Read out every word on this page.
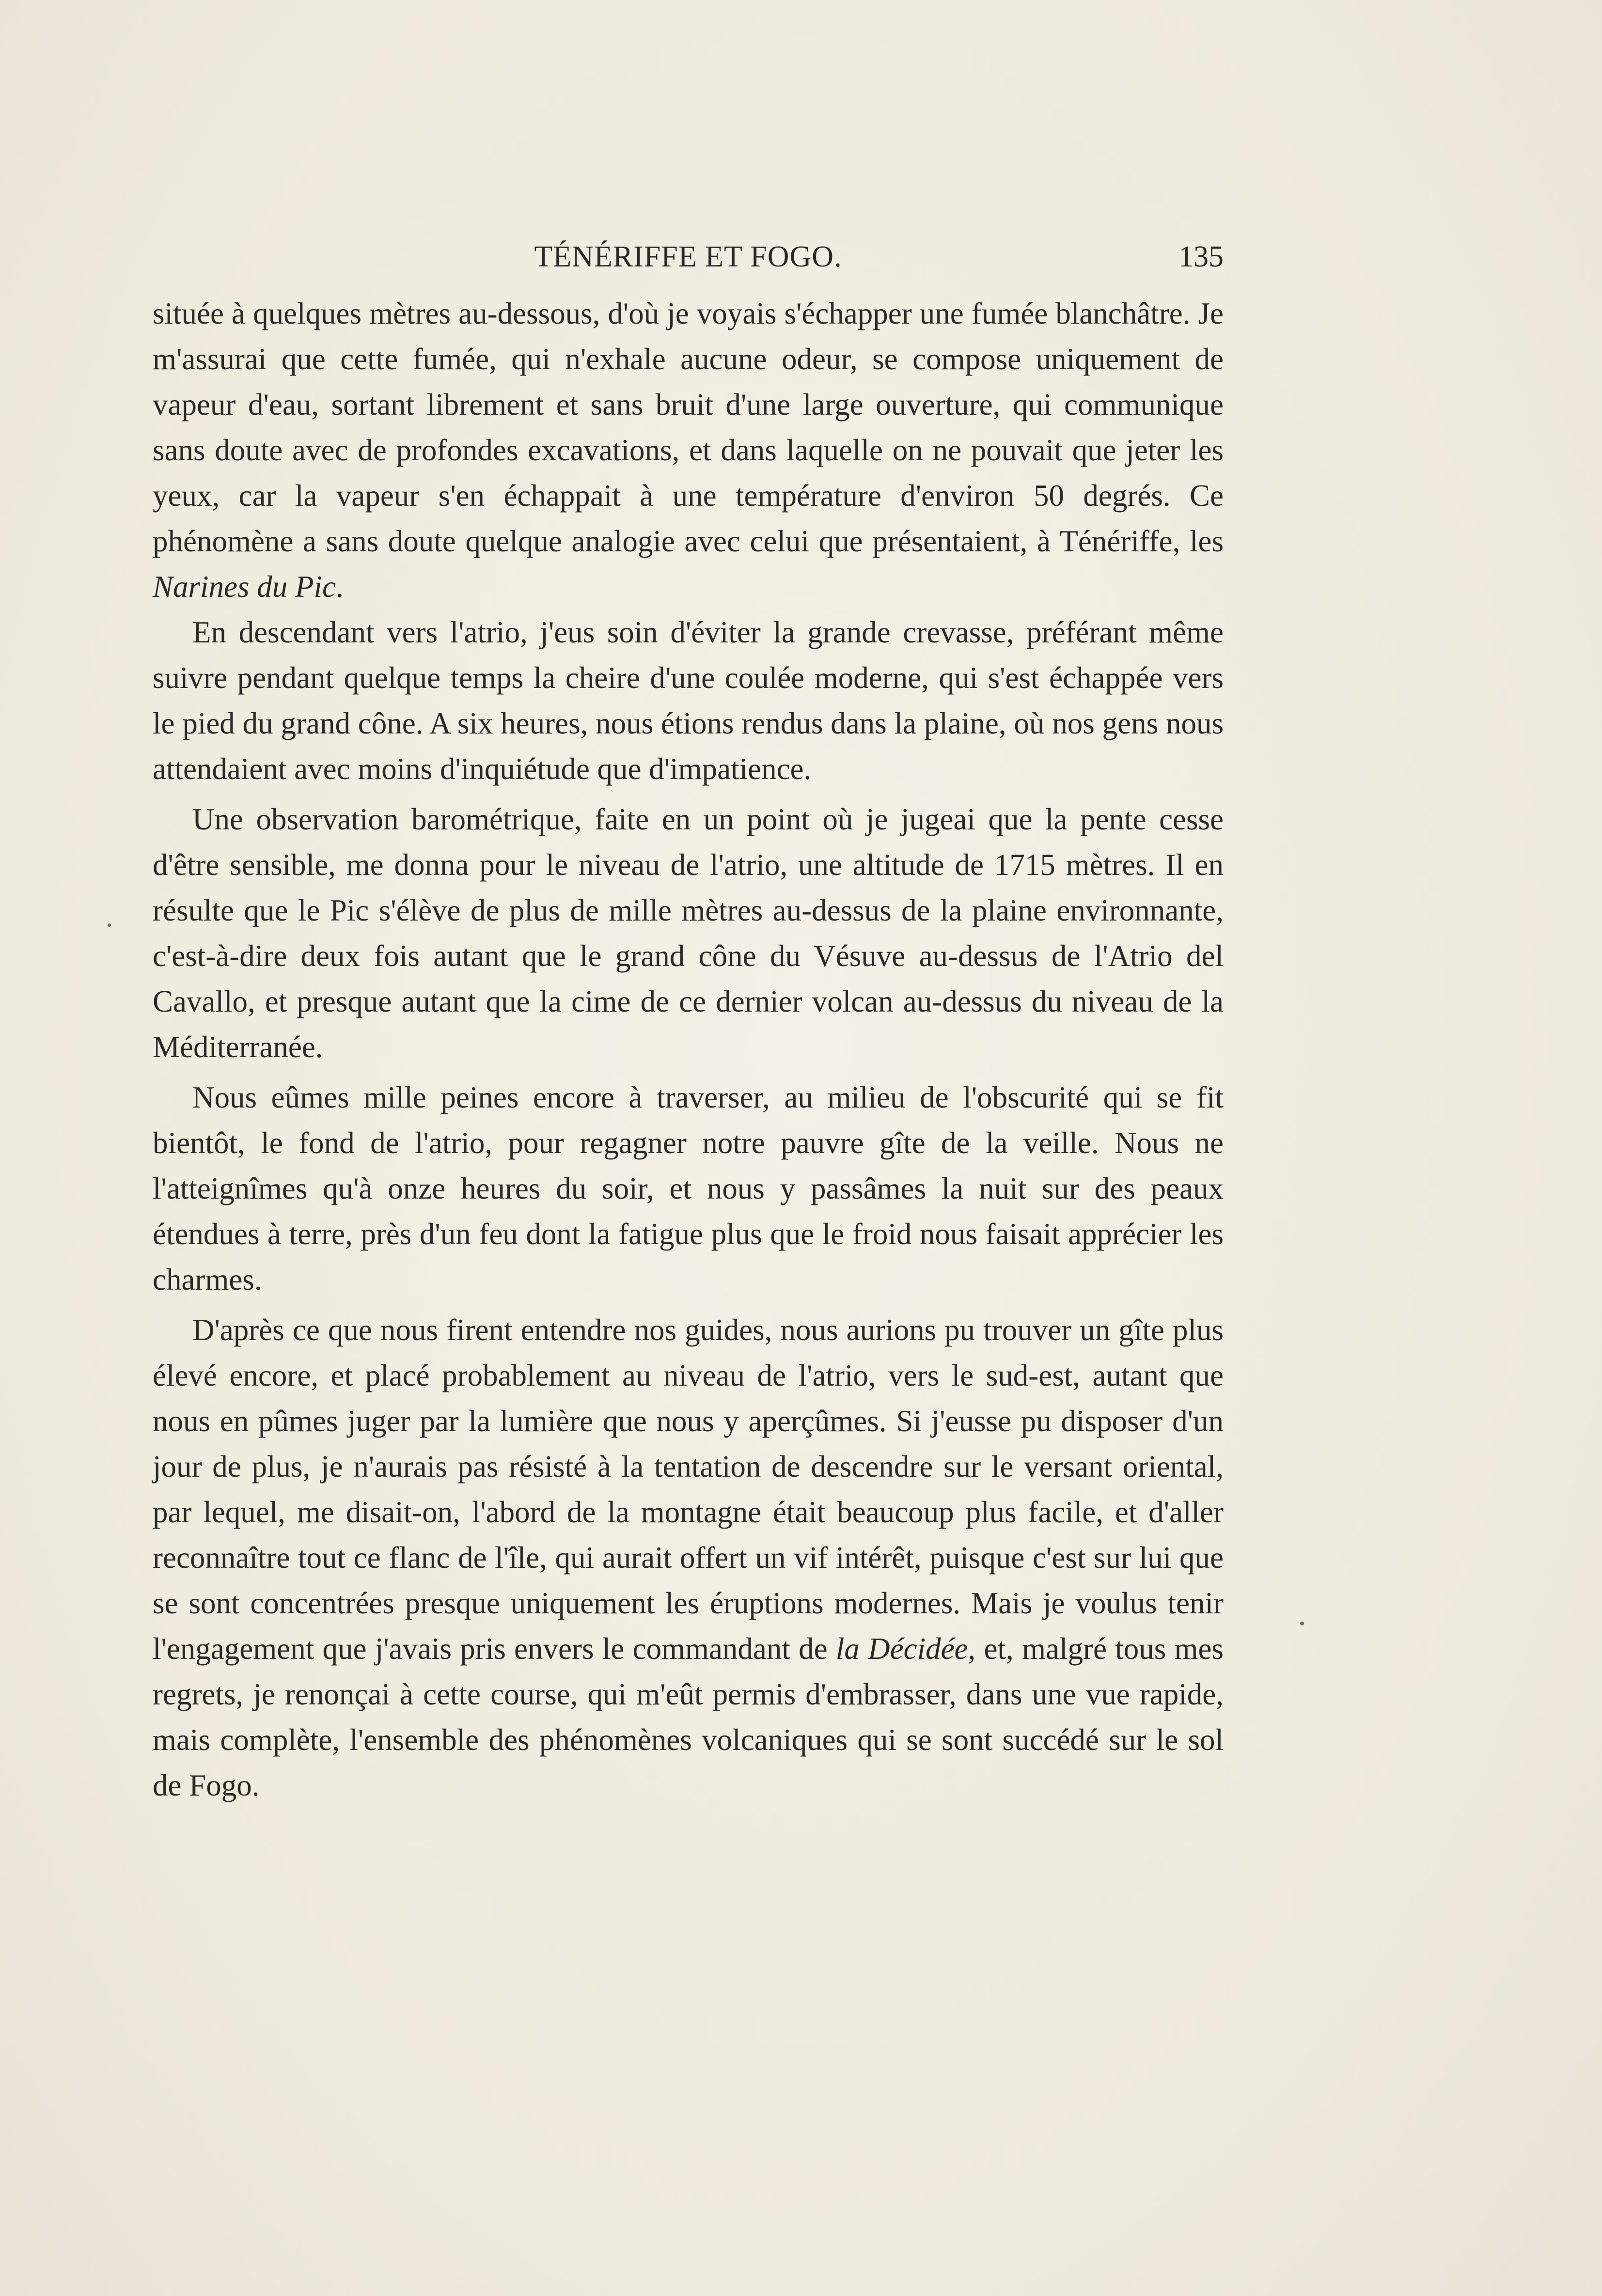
TÉNÉRIFFE ET FOGO.	135

située à quelques mètres au-dessous, d'où je voyais s'échapper une fumée blanchâtre. Je m'assurai que cette fumée, qui n'exhale aucune odeur, se compose uniquement de vapeur d'eau, sortant librement et sans bruit d'une large ouverture, qui communique sans doute avec de profondes excavations, et dans laquelle on ne pouvait que jeter les yeux, car la vapeur s'en échappait à une température d'environ 50 degrés. Ce phénomène a sans doute quelque analogie avec celui que présentaient, à Ténériffe, les Narines du Pic.

En descendant vers l'atrio, j'eus soin d'éviter la grande crevasse, préférant même suivre pendant quelque temps la cheire d'une coulée moderne, qui s'est échappée vers le pied du grand cône. A six heures, nous étions rendus dans la plaine, où nos gens nous attendaient avec moins d'inquiétude que d'impatience.

Une observation barométrique, faite en un point où je jugeai que la pente cesse d'être sensible, me donna pour le niveau de l'atrio, une altitude de 1715 mètres. Il en résulte que le Pic s'élève de plus de mille mètres au-dessus de la plaine environnante, c'est-à-dire deux fois autant que le grand cône du Vésuve au-dessus de l'Atrio del Cavallo, et presque autant que la cime de ce dernier volcan au-dessus du niveau de la Méditerranée.

Nous eûmes mille peines encore à traverser, au milieu de l'obscurité qui se fit bientôt, le fond de l'atrio, pour regagner notre pauvre gîte de la veille. Nous ne l'atteignîmes qu'à onze heures du soir, et nous y passâmes la nuit sur des peaux étendues à terre, près d'un feu dont la fatigue plus que le froid nous faisait apprécier les charmes.

D'après ce que nous firent entendre nos guides, nous aurions pu trouver un gîte plus élevé encore, et placé probablement au niveau de l'atrio, vers le sud-est, autant que nous en pûmes juger par la lumière que nous y aperçûmes. Si j'eusse pu disposer d'un jour de plus, je n'aurais pas résisté à la tentation de descendre sur le versant oriental, par lequel, me disait-on, l'abord de la montagne était beaucoup plus facile, et d'aller reconnaître tout ce flanc de l'île, qui aurait offert un vif intérêt, puisque c'est sur lui que se sont concentrées presque uniquement les éruptions modernes. Mais je voulus tenir l'engagement que j'avais pris envers le commandant de la Décidée, et, malgré tous mes regrets, je renonçai à cette course, qui m'eût permis d'embrasser, dans une vue rapide, mais complète, l'ensemble des phénomènes volcaniques qui se sont succédé sur le sol de Fogo.
